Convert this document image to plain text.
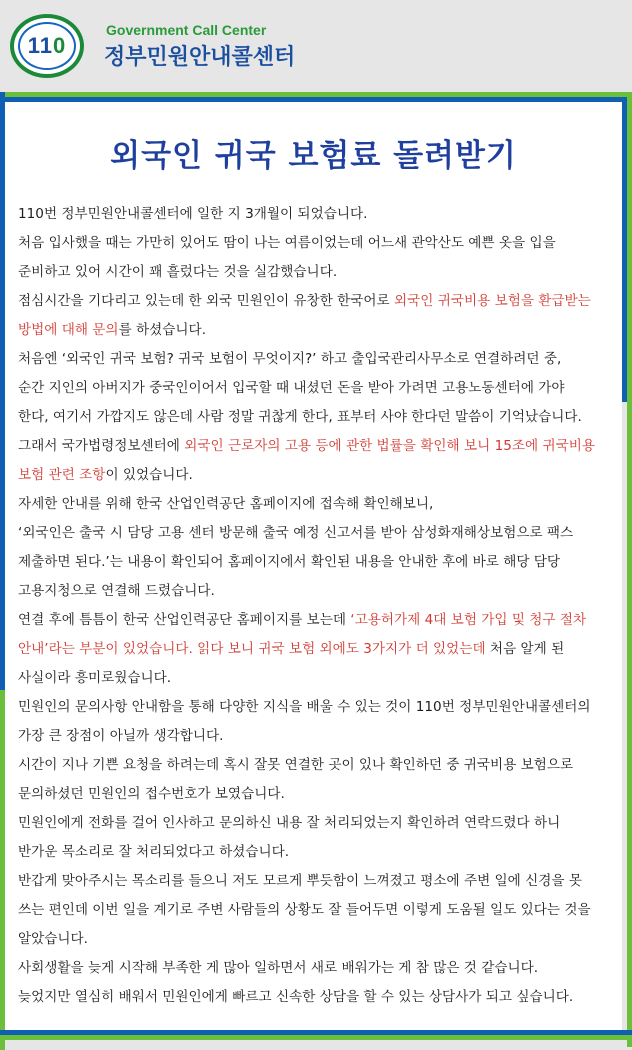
11 0
Government Call Center
정부민원안내콜센터
외국인 귀국 보험료 돌려받기
110번 정부민원안내콜센터에 일한 지 3개월이 되었습니다.
처음 입사했을 때는 가만히 있어도 땀이 나는 여름이었는데 어느새 관악산도 예쁜 옷을 입을
준비하고 있어 시간이 꽤 흘렀다는 것을 실감했습니다.
점심시간을 기다리고 있는데 한 외국 민원인이 유창한 한국어로 외국인 귀국비용 보험을 환급받는
방법에 대해 문의를 하셨습니다.
처음엔 ‘외국인 귀국 보험? 귀국 보험이 무엇이지?’ 하고 출입국관리사무소로 연결하려던 중,
순간 지인의 아버지가 중국인이어서 입국할 때 내셨던 돈을 받아 가려면 고용노동센터에 가야
한다, 여기서 가깝지도 않은데 사람 정말 귀찮게 한다, 표부터 사야 한다던 말씀이 기억났습니다.
그래서 국가법령정보센터에 외국인 근로자의 고용 등에 관한 법률을 확인해 보니 15조에 귀국비용
보험 관련 조항이 있었습니다.
자세한 안내를 위해 한국 산업인력공단 홈페이지에 접속해 확인해보니,
‘외국인은 출국 시 담당 고용 센터 방문해 출국 예정 신고서를 받아 삼성화재해상보험으로 팩스
제출하면 된다.’는 내용이 확인되어 홈페이지에서 확인된 내용을 안내한 후에 바로 해당 담당
고용지청으로 연결해 드렸습니다.
연결 후에 틈틈이 한국 산업인력공단 홈페이지를 보는데 ‘고용허가제 4대 보험 가입 및 청구 절차
안내’라는 부분이 있었습니다. 읽다 보니 귀국 보험 외에도 3가지가 더 있었는데 처음 알게 된
사실이라 흥미로웠습니다.
민원인의 문의사항 안내함을 통해 다양한 지식을 배울 수 있는 것이 110번 정부민원안내콜센터의
가장 큰 장점이 아닐까 생각합니다.
시간이 지나 기쁜 요청을 하려는데 혹시 잘못 연결한 곳이 있나 확인하던 중 귀국비용 보험으로
문의하셨던 민원인의 접수번호가 보였습니다.
민원인에게 전화를 걸어 인사하고 문의하신 내용 잘 처리되었는지 확인하려 연락드렸다 하니
반가운 목소리로 잘 처리되었다고 하셨습니다.
반갑게 맞아주시는 목소리를 들으니 저도 모르게 뿌듯함이 느껴졌고 평소에 주변 일에 신경을 못
쓰는 편인데 이번 일을 계기로 주변 사람들의 상황도 잘 들어두면 이렇게 도움될 일도 있다는 것을
알았습니다.
사회생활을 늦게 시작해 부족한 게 많아 일하면서 새로 배워가는 게 참 많은 것 같습니다.
늦었지만 열심히 배워서 민원인에게 빠르고 신속한 상담을 할 수 있는 상담사가 되고 싶습니다.
